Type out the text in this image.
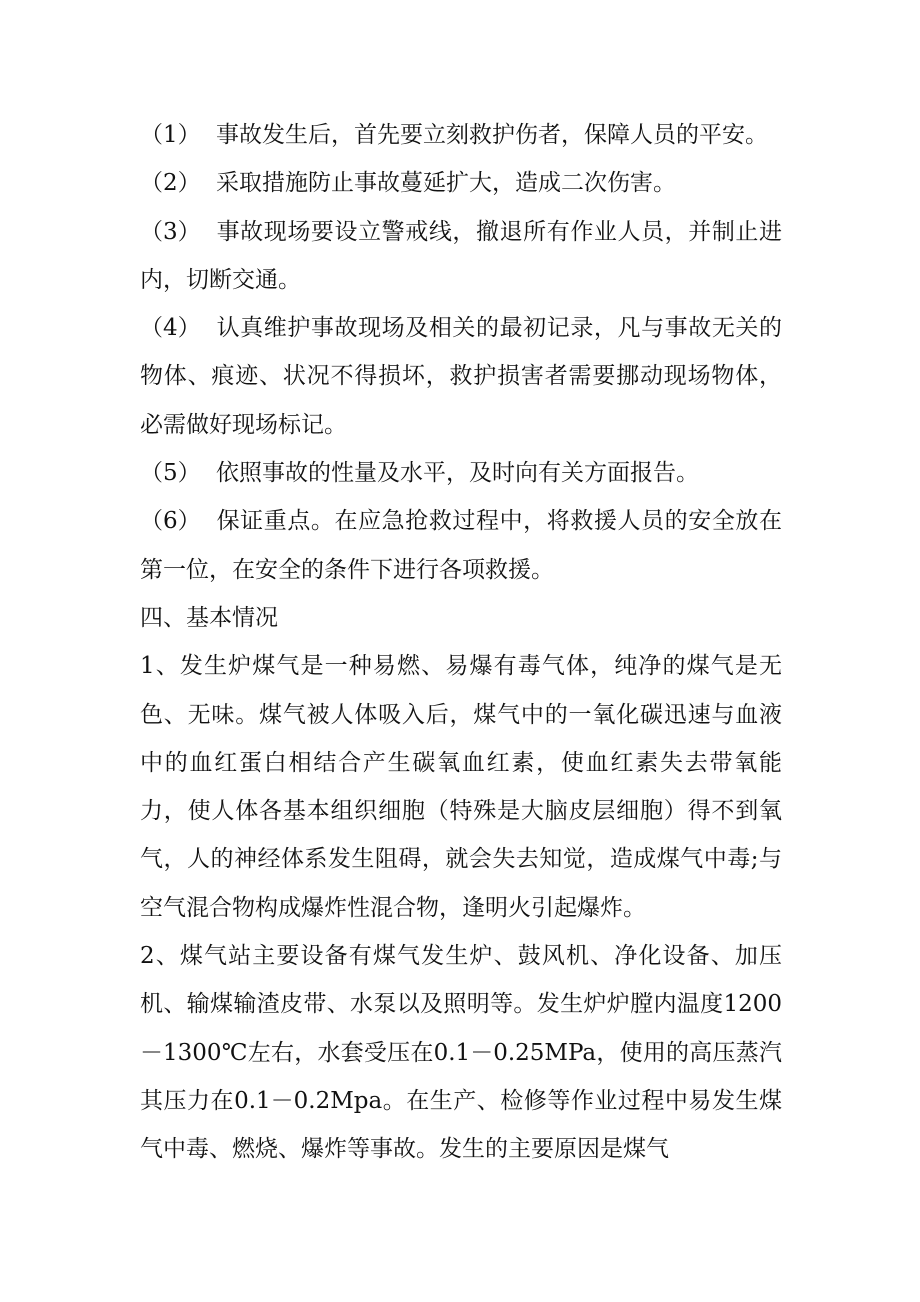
（1） 事故发生后，首先要立刻救护伤者，保障人员的平安。

（2） 采取措施防止事故蔓延扩大，造成二次伤害。

（3） 事故现场要设立警戒线，撤退所有作业人员，并制止进内，切断交通。

（4） 认真维护事故现场及相关的最初记录，凡与事故无关的物体、痕迹、状况不得损坏，救护损害者需要挪动现场物体，必需做好现场标记。

（5） 依照事故的性量及水平，及时向有关方面报告。

（6） 保证重点。在应急抢救过程中，将救援人员的安全放在第一位，在安全的条件下进行各项救援。

四、基本情况

1、发生炉煤气是一种易燃、易爆有毒气体，纯净的煤气是无色、无味。煤气被人体吸入后，煤气中的一氧化碳迅速与血液中的血红蛋白相结合产生碳氧血红素，使血红素失去带氧能力，使人体各基本组织细胞（特殊是大脑皮层细胞）得不到氧气，人的神经体系发生阻碍，就会失去知觉，造成煤气中毒;与空气混合物构成爆炸性混合物，逢明火引起爆炸。

2、煤气站主要设备有煤气发生炉、鼓风机、净化设备、加压机、输煤输渣皮带、水泵以及照明等。发生炉炉膛内温度1200－1300℃左右，水套受压在0.1－0.25MPa，使用的高压蒸汽其压力在0.1－0.2Mpa。在生产、检修等作业过程中易发生煤气中毒、燃烧、爆炸等事故。发生的主要原因是煤气
